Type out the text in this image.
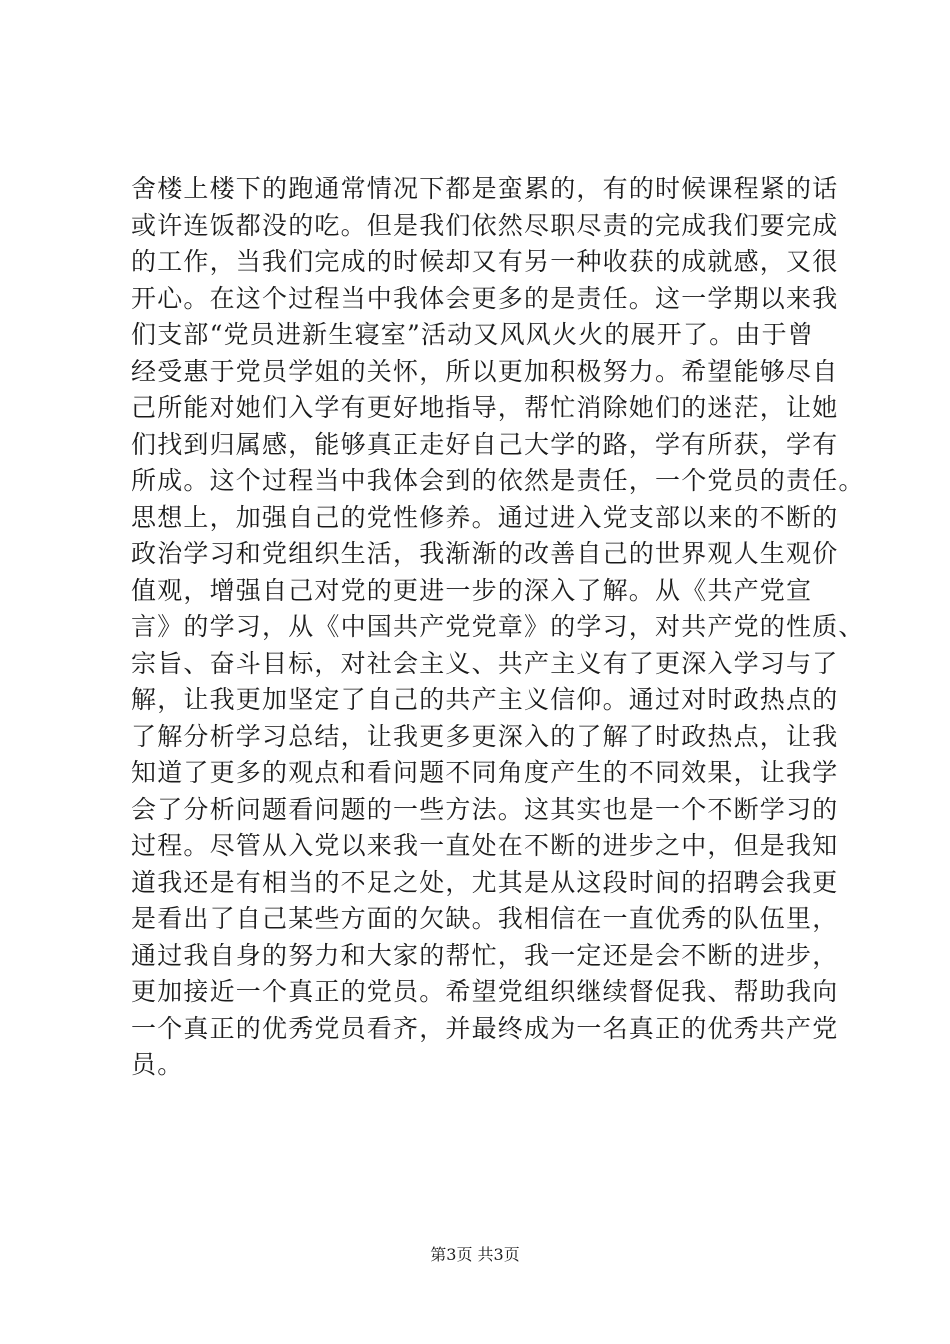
舍楼上楼下的跑通常情况下都是蛮累的，有的时候课程紧的话
或许连饭都没的吃。但是我们依然尽职尽责的完成我们要完成
的工作，当我们完成的时候却又有另一种收获的成就感，又很
开心。在这个过程当中我体会更多的是责任。这一学期以来我
们支部“党员进新生寝室”活动又风风火火的展开了。由于曾
经受惠于党员学姐的关怀，所以更加积极努力。希望能够尽自
己所能对她们入学有更好地指导，帮忙消除她们的迷茫，让她
们找到归属感，能够真正走好自己大学的路，学有所获，学有
所成。这个过程当中我体会到的依然是责任，一个党员的责任。
思想上，加强自己的党性修养。通过进入党支部以来的不断的
政治学习和党组织生活，我渐渐的改善自己的世界观人生观价
值观，增强自己对党的更进一步的深入了解。从《共产党宣
言》的学习，从《中国共产党党章》的学习，对共产党的性质、
宗旨、奋斗目标，对社会主义、共产主义有了更深入学习与了
解，让我更加坚定了自己的共产主义信仰。通过对时政热点的
了解分析学习总结，让我更多更深入的了解了时政热点，让我
知道了更多的观点和看问题不同角度产生的不同效果，让我学
会了分析问题看问题的一些方法。这其实也是一个不断学习的
过程。尽管从入党以来我一直处在不断的进步之中，但是我知
道我还是有相当的不足之处，尤其是从这段时间的招聘会我更
是看出了自己某些方面的欠缺。我相信在一直优秀的队伍里，
通过我自身的努力和大家的帮忙，我一定还是会不断的进步，
更加接近一个真正的党员。希望党组织继续督促我、帮助我向
一个真正的优秀党员看齐，并最终成为一名真正的优秀共产党
员。
第3页 共3页
